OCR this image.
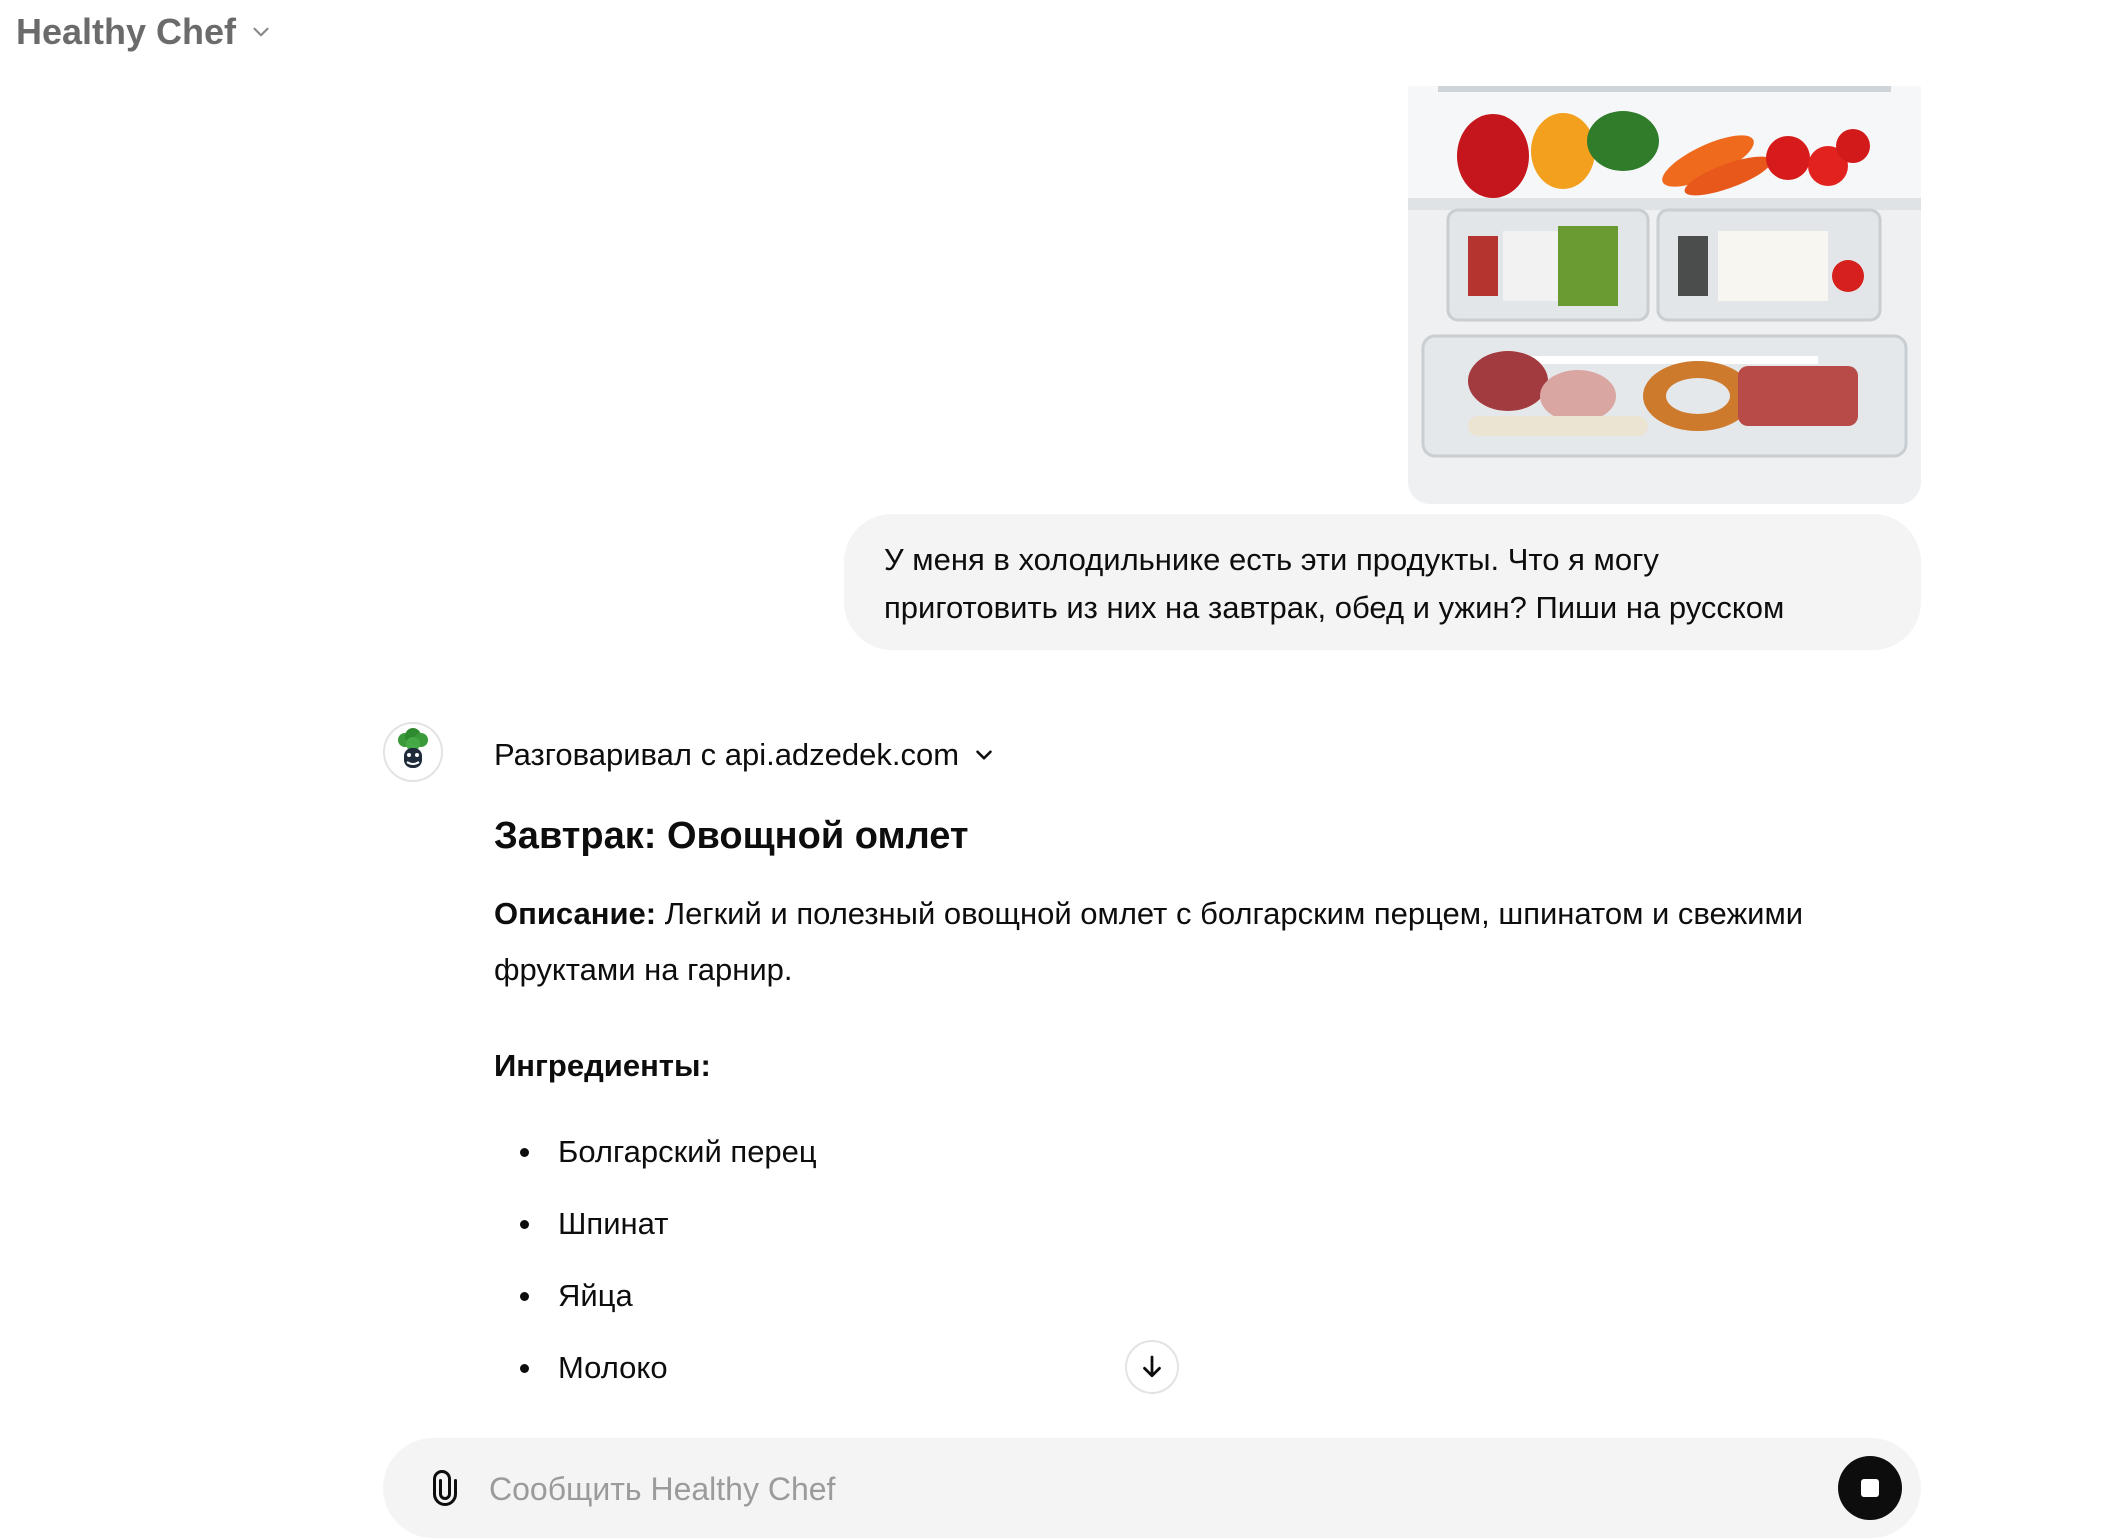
Healthy Chef
У меня в холодильнике есть эти продукты. Что я могу
приготовить из них на завтрак, обед и ужин? Пиши на русском
Разговаривал с api.adzedek.com
Завтрак: Овощной омлет
Описание: Легкий и полезный овощной омлет с болгарским перцем, шпинатом и свежими фруктами на гарнир.
Ингредиенты:
Болгарский перец
Шпинат
Яйца
Молоко
Сообщить Healthy Chef
